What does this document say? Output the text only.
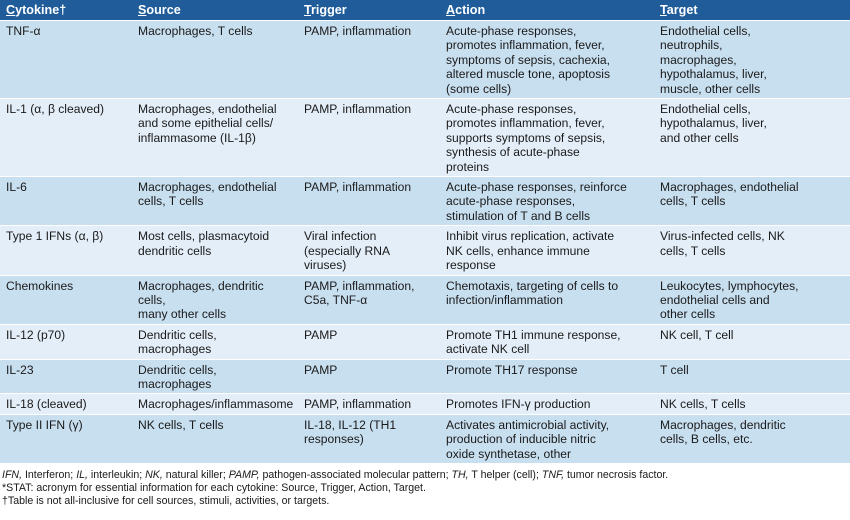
Cytokine†	Source	Trigger	Action	Target
TNF-α	Macrophages, T cells	PAMP, inflammation	Acute-phase responses,
promotes inflammation, fever,
symptoms of sepsis, cachexia,
altered muscle tone, apoptosis
(some cells)	Endothelial cells,
neutrophils,
macrophages,
hypothalamus, liver,
muscle, other cells
IL-1 (α, β cleaved)	Macrophages, endothelial
and some epithelial cells/
inflammasome (IL-1β)	PAMP, inflammation	Acute-phase responses,
promotes inflammation, fever,
supports symptoms of sepsis,
synthesis of acute-phase
proteins	Endothelial cells,
hypothalamus, liver,
and other cells
IL-6	Macrophages, endothelial
cells, T cells	PAMP, inflammation	Acute-phase responses, reinforce
acute-phase responses,
stimulation of T and B cells	Macrophages, endothelial
cells, T cells
Type 1 IFNs (α, β)	Most cells, plasmacytoid
dendritic cells	Viral infection
(especially RNA
viruses)	Inhibit virus replication, activate
NK cells, enhance immune
response	Virus-infected cells, NK
cells, T cells
Chemokines	Macrophages, dendritic cells,
many other cells	PAMP, inflammation,
C5a, TNF-α	Chemotaxis, targeting of cells to
infection/inflammation	Leukocytes, lymphocytes,
endothelial cells and
other cells
IL-12 (p70)	Dendritic cells, macrophages	PAMP	Promote TH1 immune response,
activate NK cell	NK cell, T cell
IL-23	Dendritic cells, macrophages	PAMP	Promote TH17 response	T cell
IL-18 (cleaved)	Macrophages/inflammasome	PAMP, inflammation	Promotes IFN-γ production	NK cells, T cells
Type II IFN (γ)	NK cells, T cells	IL-18, IL-12 (TH1
responses)	Activates antimicrobial activity,
production of inducible nitric
oxide synthetase, other	Macrophages, dendritic
cells, B cells, etc.

IFN, Interferon; IL, interleukin; NK, natural killer; PAMP, pathogen-associated molecular pattern; TH, T helper (cell); TNF, tumor necrosis factor.

*STAT: acronym for essential information for each cytokine: Source, Trigger, Action, Target.

†Table is not all-inclusive for cell sources, stimuli, activities, or targets.
